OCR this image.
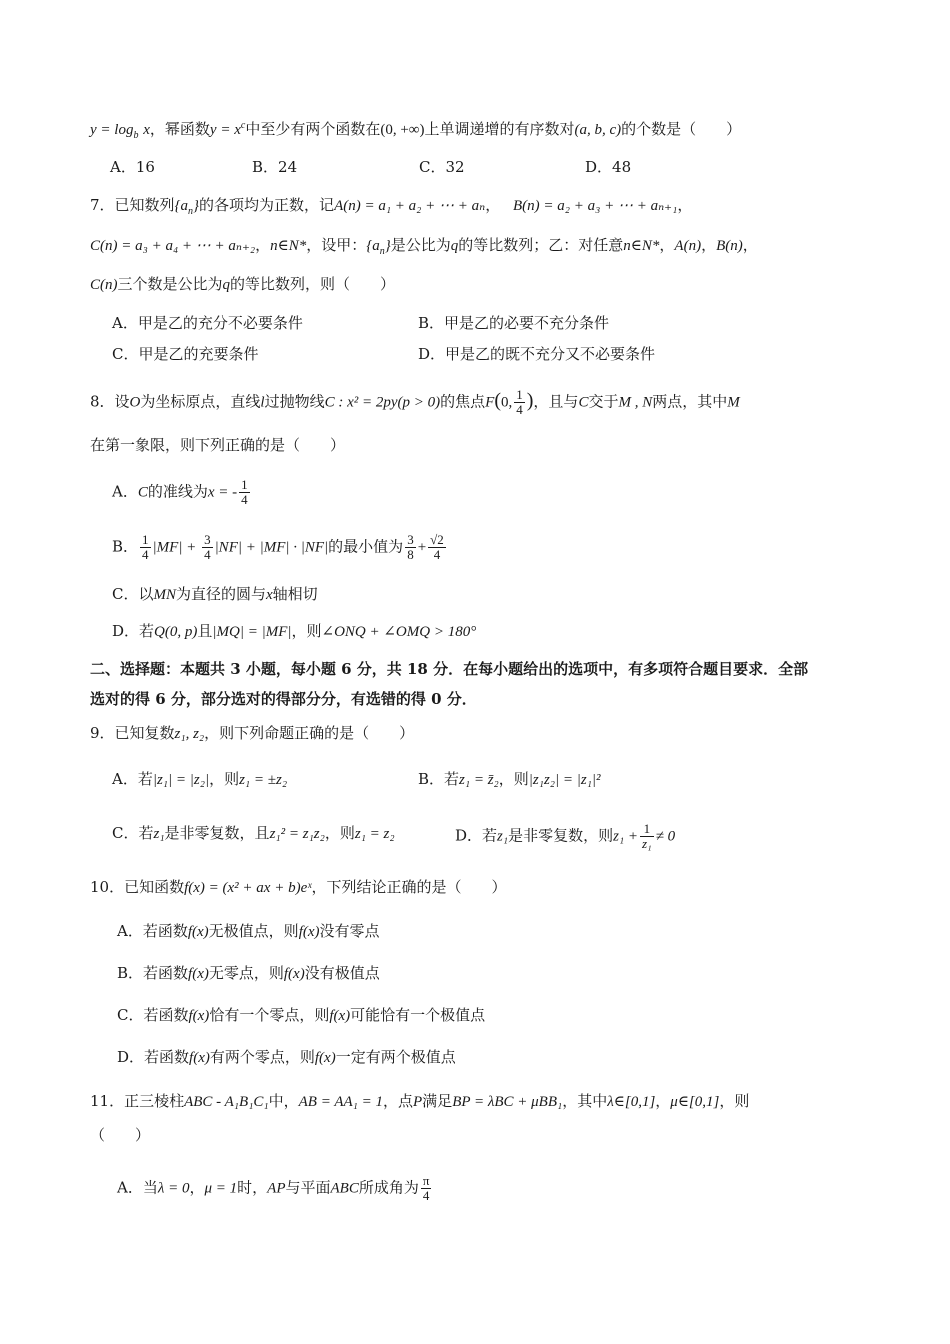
$y = \log_b x$，幂函数$y = x^c$中至少有两个函数在(0, +∞)上单调递增的有序数对(a, b, c)的个数是（　　）
A．16	B．24	C．32	D．48
7．已知数列$\{a_n\}$的各项均为正数，记A(n) = a₁ + a₂ + ⋯ + aₙ， B(n) = a₂ + a₃ + ⋯ + aₙ₊₁，
C(n) = a₃ + a₄ + ⋯ + aₙ₊₂，n∈N*，设甲：$\{a_n\}$是公比为q的等比数列；乙：对任意n∈N*，A(n)，B(n)，
C(n)三个数是公比为q的等比数列，则（　　）
A．甲是乙的充分不必要条件	B．甲是乙的必要不充分条件
C．甲是乙的充要条件	D．甲是乙的既不充分又不必要条件
8．设O为坐标原点，直线l过抛物线C : x² = 2py(p > 0)的焦点F(0, $\frac{1}{4}$ )，且与C交于M , N两点，其中M
在第一象限，则下列正确的是（　　）
A．C的准线为x = - $\frac{1}{4}$
B． $\frac{1}{4} |MF| + \frac{3}{4} |NF| + |MF| \cdot |NF|$的最小值为 $\frac{3}{8} + \frac{√2}{4}$
C．以MN为直径的圆与x轴相切
D．若Q(0, p)且|MQ| = |MF|，则∠ONQ + ∠OMQ > 180°
二、选择题：本题共 3 小题，每小题 6 分，共 18 分．在每小题给出的选项中，有多项符合题目要求．全部
选对的得 6 分，部分选对的得部分分，有选错的得 0 分．
9．已知复数z₁, z₂，则下列命题正确的是（　　）
A．若|z₁| = |z₂|，则z₁ = ±z₂	B．若z₁ = z̄₂，则|z₁z₂| = |z₁|²
C．若z₁是非零复数，且z₁² = z₁z₂，则z₁ = z₂	D．若z₁是非零复数，则$z_1 + \frac{1}{\text{z₁}} \ne 0$
10．已知函数f(x) = (x² + ax + b)eˣ，下列结论正确的是（　　）
A．若函数f(x)无极值点，则f(x)没有零点
B．若函数f(x)无零点，则f(x)没有极值点
C．若函数f(x)恰有一个零点，则f(x)可能恰有一个极值点
D．若函数f(x)有两个零点，则f(x)一定有两个极值点
11．正三棱柱ABC - A₁B₁C₁中，AB = AA₁ = 1，点P满足BP = λBC + μBB₁，其中λ∈[0,1]，μ∈[0,1]，则
（　　）
A．当λ = 0，μ = 1时，AP与平面ABC所成角为 $\frac{\pi}{4}$
